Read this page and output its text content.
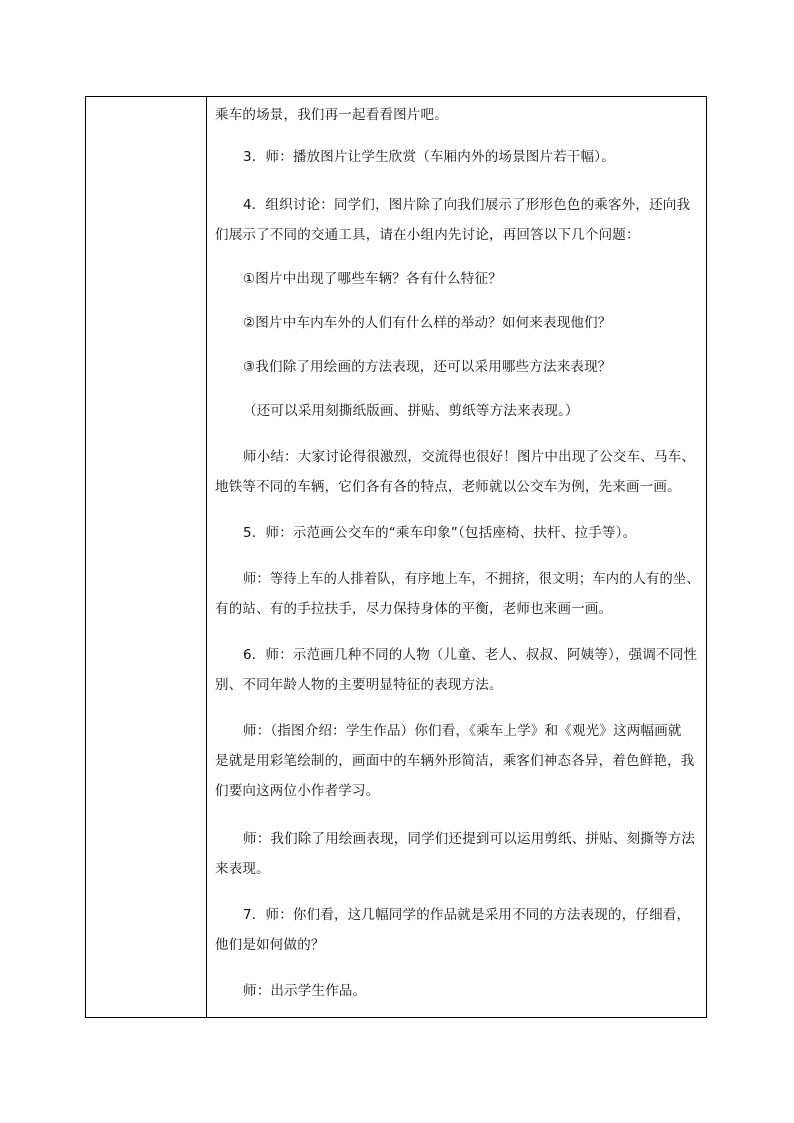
乘车的场景，我们再一起看看图片吧。
3．师：播放图片让学生欣赏（车厢内外的场景图片若干幅）。
4．组织讨论：同学们，图片除了向我们展示了形形色色的乘客外，还向我
们展示了不同的交通工具，请在小组内先讨论，再回答以下几个问题：
①图片中出现了哪些车辆？各有什么特征？
②图片中车内车外的人们有什么样的举动？如何来表现他们？
③我们除了用绘画的方法表现，还可以采用哪些方法来表现？
（还可以采用刻撕纸版画、拼贴、剪纸等方法来表现。）
师小结：大家讨论得很激烈，交流得也很好！图片中出现了公交车、马车、
地铁等不同的车辆，它们各有各的特点，老师就以公交车为例，先来画一画。
5．师：示范画公交车的“乘车印象”（包括座椅、扶杆、拉手等）。
师：等待上车的人排着队，有序地上车，不拥挤，很文明；车内的人有的坐、
有的站、有的手拉扶手，尽力保持身体的平衡，老师也来画一画。
6．师：示范画几种不同的人物（儿童、老人、叔叔、阿姨等），强调不同性
别、不同年龄人物的主要明显特征的表现方法。
师：（指图介绍：学生作品）你们看，《乘车上学》和《观光》这两幅画就
是就是用彩笔绘制的，画面中的车辆外形简洁，乘客们神态各异，着色鲜艳，我
们要向这两位小作者学习。
师：我们除了用绘画表现，同学们还提到可以运用剪纸、拼贴、刻撕等方法
来表现。
7．师：你们看，这几幅同学的作品就是采用不同的方法表现的，仔细看，
他们是如何做的？
师：出示学生作品。
